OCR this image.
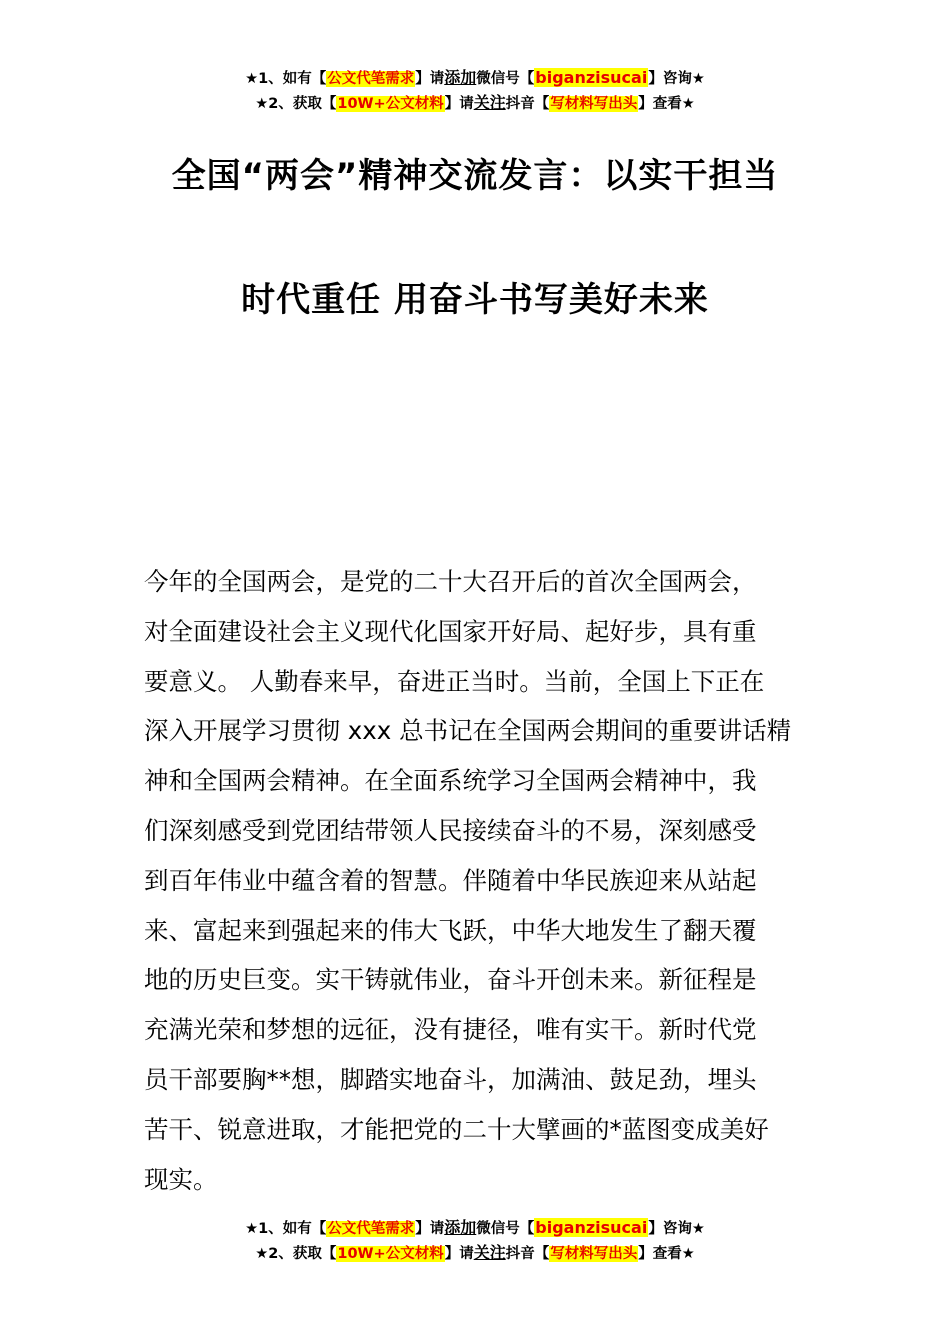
★1、如有【公文代笔需求】请添加微信号【biganzisucai】咨询★
★2、获取【10W+公文材料】请关注抖音【写材料写出头】查看★
全国“两会”精神交流发言：以实干担当
时代重任 用奋斗书写美好未来
今年的全国两会，是党的二十大召开后的首次全国两会，
对全面建设社会主义现代化国家开好局、起好步，具有重
要意义。 人勤春来早，奋进正当时。当前，全国上下正在
深入开展学习贯彻 xxx 总书记在全国两会期间的重要讲话精
神和全国两会精神。在全面系统学习全国两会精神中，我
们深刻感受到党团结带领人民接续奋斗的不易，深刻感受
到百年伟业中蕴含着的智慧。伴随着中华民族迎来从站起
来、富起来到强起来的伟大飞跃，中华大地发生了翻天覆
地的历史巨变。实干铸就伟业，奋斗开创未来。新征程是
充满光荣和梦想的远征，没有捷径，唯有实干。新时代党
员干部要胸**想，脚踏实地奋斗，加满油、鼓足劲，埋头
苦干、锐意进取，才能把党的二十大擘画的*蓝图变成美好
现实。
★1、如有【公文代笔需求】请添加微信号【biganzisucai】咨询★
★2、获取【10W+公文材料】请关注抖音【写材料写出头】查看★
